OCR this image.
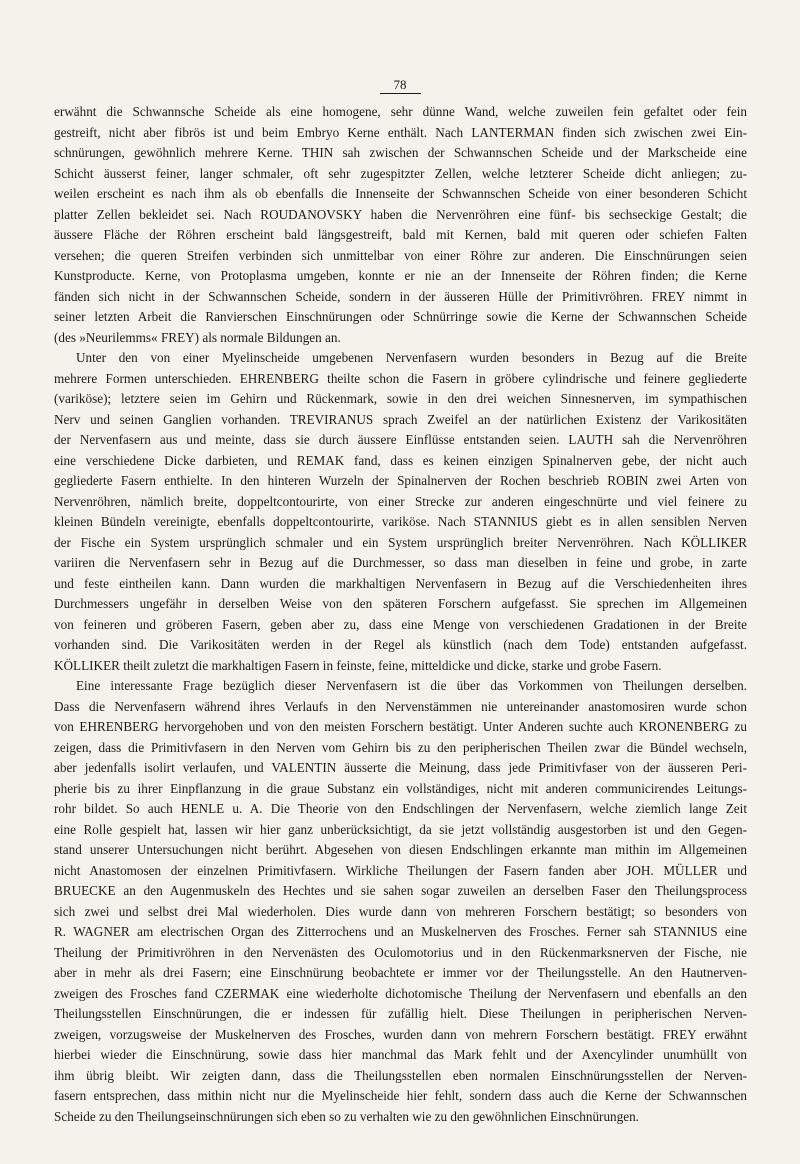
78
erwähnt die Schwannsche Scheide als eine homogene, sehr dünne Wand, welche zuweilen fein gefaltet oder fein
gestreift, nicht aber fibrös ist und beim Embryo Kerne enthält. Nach LANTERMAN finden sich zwischen zwei Ein-
schnürungen, gewöhnlich mehrere Kerne. THIN sah zwischen der Schwannschen Scheide und der Markscheide eine
Schicht äusserst feiner, langer schmaler, oft sehr zugespitzter Zellen, welche letzterer Scheide dicht anliegen; zu-
weilen erscheint es nach ihm als ob ebenfalls die Innenseite der Schwannschen Scheide von einer besonderen Schicht
platter Zellen bekleidet sei. Nach ROUDANOVSKY haben die Nervenröhren eine fünf- bis sechseckige Gestalt; die
äussere Fläche der Röhren erscheint bald längsgestreift, bald mit Kernen, bald mit queren oder schiefen Falten
versehen; die queren Streifen verbinden sich unmittelbar von einer Röhre zur anderen. Die Einschnürungen seien
Kunstproducte. Kerne, von Protoplasma umgeben, konnte er nie an der Innenseite der Röhren finden; die Kerne
fänden sich nicht in der Schwannschen Scheide, sondern in der äusseren Hülle der Primitivröhren. FREY nimmt in
seiner letzten Arbeit die Ranvierschen Einschnürungen oder Schnürringe sowie die Kerne der Schwannschen Scheide
(des »Neurilemms« FREY) als normale Bildungen an.
Unter den von einer Myelinscheide umgebenen Nervenfasern wurden besonders in Bezug auf die Breite
mehrere Formen unterschieden. EHRENBERG theilte schon die Fasern in gröbere cylindrische und feinere gegliederte
(variköse); letztere seien im Gehirn und Rückenmark, sowie in den drei weichen Sinnesnerven, im sympathischen
Nerv und seinen Ganglien vorhanden. TREVIRANUS sprach Zweifel an der natürlichen Existenz der Varikositäten
der Nervenfasern aus und meinte, dass sie durch äussere Einflüsse entstanden seien. LAUTH sah die Nervenröhren
eine verschiedene Dicke darbieten, und REMAK fand, dass es keinen einzigen Spinalnerven gebe, der nicht auch
gegliederte Fasern enthielte. In den hinteren Wurzeln der Spinalnerven der Rochen beschrieb ROBIN zwei Arten von
Nervenröhren, nämlich breite, doppeltcontourirte, von einer Strecke zur anderen eingeschnürte und viel feinere zu
kleinen Bündeln vereinigte, ebenfalls doppeltcontourirte, variköse. Nach STANNIUS giebt es in allen sensiblen Nerven
der Fische ein System ursprünglich schmaler und ein System ursprünglich breiter Nervenröhren. Nach KÖLLIKER
variiren die Nervenfasern sehr in Bezug auf die Durchmesser, so dass man dieselben in feine und grobe, in zarte
und feste eintheilen kann. Dann wurden die markhaltigen Nervenfasern in Bezug auf die Verschiedenheiten ihres
Durchmessers ungefähr in derselben Weise von den späteren Forschern aufgefasst. Sie sprechen im Allgemeinen
von feineren und gröberen Fasern, geben aber zu, dass eine Menge von verschiedenen Gradationen in der Breite
vorhanden sind. Die Varikositäten werden in der Regel als künstlich (nach dem Tode) entstanden aufgefasst.
KÖLLIKER theilt zuletzt die markhaltigen Fasern in feinste, feine, mitteldicke und dicke, starke und grobe Fasern.
Eine interessante Frage bezüglich dieser Nervenfasern ist die über das Vorkommen von Theilungen derselben.
Dass die Nervenfasern während ihres Verlaufs in den Nervenstämmen nie untereinander anastomosiren wurde schon
von EHRENBERG hervorgehoben und von den meisten Forschern bestätigt. Unter Anderen suchte auch KRONENBERG zu
zeigen, dass die Primitivfasern in den Nerven vom Gehirn bis zu den peripherischen Theilen zwar die Bündel wechseln,
aber jedenfalls isolirt verlaufen, und VALENTIN äusserte die Meinung, dass jede Primitivfaser von der äusseren Peri-
pherie bis zu ihrer Einpflanzung in die graue Substanz ein vollständiges, nicht mit anderen communicirendes Leitungs-
rohr bildet. So auch HENLE u. A. Die Theorie von den Endschlingen der Nervenfasern, welche ziemlich lange Zeit
eine Rolle gespielt hat, lassen wir hier ganz unberücksichtigt, da sie jetzt vollständig ausgestorben ist und den Gegen-
stand unserer Untersuchungen nicht berührt. Abgesehen von diesen Endschlingen erkannte man mithin im Allgemeinen
nicht Anastomosen der einzelnen Primitivfasern. Wirkliche Theilungen der Fasern fanden aber JOH. MÜLLER und
BRUECKE an den Augenmuskeln des Hechtes und sie sahen sogar zuweilen an derselben Faser den Theilungsprocess
sich zwei und selbst drei Mal wiederholen. Dies wurde dann von mehreren Forschern bestätigt; so besonders von
R. WAGNER am electrischen Organ des Zitterrochens und an Muskelnerven des Frosches. Ferner sah STANNIUS eine
Theilung der Primitivröhren in den Nervenästen des Oculomotorius und in den Rückenmarksnerven der Fische, nie
aber in mehr als drei Fasern; eine Einschnürung beobachtete er immer vor der Theilungsstelle. An den Hautnerven-
zweigen des Frosches fand CZERMAK eine wiederholte dichotomische Theilung der Nervenfasern und ebenfalls an den
Theilungsstellen Einschnürungen, die er indessen für zufällig hielt. Diese Theilungen in peripherischen Nerven-
zweigen, vorzugsweise der Muskelnerven des Frosches, wurden dann von mehrern Forschern bestätigt. FREY erwähnt
hierbei wieder die Einschnürung, sowie dass hier manchmal das Mark fehlt und der Axencylinder unumhüllt von
ihm übrig bleibt. Wir zeigten dann, dass die Theilungsstellen eben normalen Einschnürungsstellen der Nerven-
fasern entsprechen, dass mithin nicht nur die Myelinscheide hier fehlt, sondern dass auch die Kerne der Schwannschen
Scheide zu den Theilungseinschnürungen sich eben so zu verhalten wie zu den gewöhnlichen Einschnürungen.
